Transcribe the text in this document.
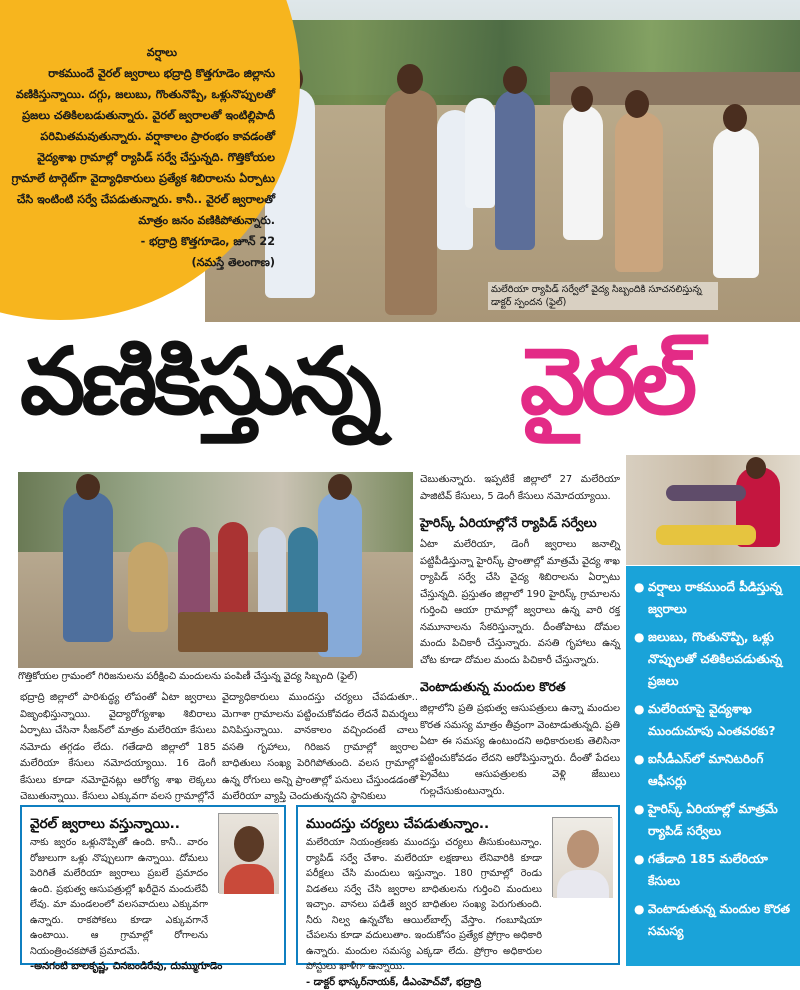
వర్షాలు
రాకముందే వైరల్ జ్వరాలు భద్రాద్రి కొత్తగూడెం జిల్లాను వణికిస్తున్నాయి. దగ్గు, జలుబు, గొంతునొప్పి, ఒళ్లునొప్పులతో ప్రజలు చతికిలబడుతున్నారు. వైరల్ జ్వరాలతో ఇంటిల్లిపాదీ పరిమితమవుతున్నారు. వర్షాకాలం ప్రారంభం కావడంతో వైద్యశాఖ గ్రామాల్లో ర్యాపిడ్ సర్వే చేస్తున్నది. గొత్తికోయల గ్రామాలే టార్గెట్‌గా వైద్యాధికారులు ప్రత్యేక శిబిరాలను ఏర్పాటు చేసి ఇంటింటి సర్వే చేపడుతున్నారు. కానీ.. వైరల్ జ్వరాలతో మాత్రం జనం వణికిపోతున్నారు.
- భద్రాద్రి కొత్తగూడెం, జూన్ 22
(నమస్తే తెలంగాణ)
మలేరియా ర్యాపిడ్ సర్వేలో వైద్య సిబ్బందికి సూచనలిస్తున్న డాక్టర్ స్పందన (ఫైల్)
వణికిస్తున్న వైరల్
గొత్తికోయల గ్రామంలో గిరిజనులను పరీక్షించి మందులను పంపిణీ చేస్తున్న వైద్య సిబ్బంది (ఫైల్)
భద్రాద్రి జిల్లాలో పారిశుద్ధ్య లోపంతో ఏటా జ్వరాలు విజృంభిస్తున్నాయి. వైద్యారోగ్యశాఖ శిబిరాలు ఏర్పాటు చేసినా సీజన్‌లో మాత్రం మలేరియా కేసులు నమోదు తగ్గడం లేదు. గతేడాది జిల్లాలో 185 మలేరియా కేసులు నమోదయ్యాయి. 16 డెంగీ కేసులు కూడా నమోదైనట్లు ఆరోగ్య శాఖ లెక్కలు చెబుతున్నాయి. కేసులు ఎక్కువగా వలస గ్రామాల్లోనే
వైద్యాధికారులు ముందస్తు చర్యలు చేపడుతూ.. మెగాశా గ్రామాలను పట్టించుకోవడం లేదనే విమర్శలు వినిపిస్తున్నాయి. వానకాలం వచ్చిందంటే చాలు వసతి గృహాలు, గిరిజన గ్రామాల్లో జ్వరాల బాధితులు సంఖ్య పెరిగిపోతుంది. వలస గ్రామాల్లో ఉన్న రోగులు అన్ని ప్రాంతాల్లో పనులు చేస్తుండడంతో మలేరియా వ్యాప్తి చెందుతున్నదని స్థానికులు
చెబుతున్నారు. ఇప్పటికే జిల్లాలో 27 మలేరియా పాజిటివ్ కేసులు, 5 డెంగీ కేసులు నమోదయ్యాయి.
హైరిస్క్ ఏరియాల్లోనే ర్యాపిడ్ సర్వేలు
ఏటా మలేరియా, డెంగీ జ్వరాలు జనాల్ని పట్టిపీడిస్తున్నా హైరిస్క్ ప్రాంతాల్లో మాత్రమే వైద్య శాఖ ర్యాపిడ్ సర్వే చేసి వైద్య శిబిరాలను ఏర్పాటు చేస్తున్నది. ప్రస్తుతం జిల్లాలో 190 హైరిస్క్ గ్రామాలను గుర్తించి ఆయా గ్రామాల్లో జ్వరాలు ఉన్న వారి రక్త నమూనాలను సేకరిస్తున్నారు. దీంతోపాటు దోమల మందు పిచికారీ చేస్తున్నారు. వసతి గృహాలు ఉన్న చోట కూడా దోమల మందు పిచికారీ చేస్తున్నారు.
వెంటాడుతున్న మందుల కొరత
జిల్లాలోని ప్రతి ప్రభుత్వ ఆసుపత్రులు ఉన్నా మందుల కొరత సమస్య మాత్రం తీవ్రంగా వెంటాడుతున్నది. ప్రతి ఏటా ఈ సమస్య ఉంటుందని అధికారులకు తెలిసినా పట్టించుకోవడం లేదని ఆరోపిస్తున్నారు. దీంతో పేదలు ప్రైవేటు ఆసుపత్రులకు వెళ్లి జేబులు గుల్లచేసుకుంటున్నారు.
● వర్షాలు రాకముందే పీడిస్తున్న జ్వరాలు
● జలుబు, గొంతునొప్పి, ఒళ్లు నొప్పులతో చతికిలపడుతున్న ప్రజలు
● మలేరియాపై వైద్యశాఖ ముందుచూపు ఎంతవరకు?
● ఐసీడీఎస్‌లో మానిటరింగ్ ఆఫీసర్లు
● హైరిస్క్ ఏరియాల్లో మాత్రమే ర్యాపిడ్ సర్వేలు
● గతేడాది 185 మలేరియా కేసులు
● వెంటాడుతున్న మందుల కొరత సమస్య
వైరల్ జ్వరాలు వస్తున్నాయి..
నాకు జ్వరం ఒళ్లునొప్పితో ఉంది. కానీ.. వారం రోజులుగా ఒళ్లు నొప్పులుగా ఉన్నాయి. దోమలు పెరిగితే మలేరియా జ్వరాలు ప్రబలే ప్రమాదం ఉంది. ప్రభుత్వ ఆసుపత్రుల్లో ఖరీదైన మందులేవీ లేవు. మా మండలంలో వలసవాదులు ఎక్కువగా ఉన్నారు. రాకపోకలు కూడా ఎక్కువగానే ఉంటాయి. ఆ గ్రామాల్లో రోగాలను నియంత్రించకపోతే ప్రమాదమే.
-అనగంటి బాలకృష్ణ, చినబండిరేవు, దుమ్ముగూడెం
ముందస్తు చర్యలు చేపడుతున్నాం..
మలేరియా నియంత్రణకు ముందస్తు చర్యలు తీసుకుంటున్నాం. ర్యాపిడ్ సర్వే చేశాం. మలేరియా లక్షణాలు లేనివారికి కూడా పరీక్షలు చేసి మందులు ఇస్తున్నాం. 180 గ్రామాల్లో రెండు విడతలు సర్వే చేసి జ్వరాల బాధితులను గుర్తించి మందులు ఇచ్చాం. వానలు పడితే జ్వర బాధితుల సంఖ్య పెరుగుతుంది. నీరు నిల్వ ఉన్నచోట ఆయిల్‌బాల్స్ వేస్తాం. గంబూషియా చేపలను కూడా వదులుతాం. ఇందుకోసం ప్రత్యేక ప్రోగ్రాం అధికారి ఉన్నారు. మందుల సమస్య ఎక్కడా లేదు. ప్రోగ్రాం అధికారుల పోస్టులు ఖాళీగా ఉన్నాయి.
- డాక్టర్ భాస్కర్‌నాయక్, డీఎంహెచ్‌వో, భద్రాద్రి
